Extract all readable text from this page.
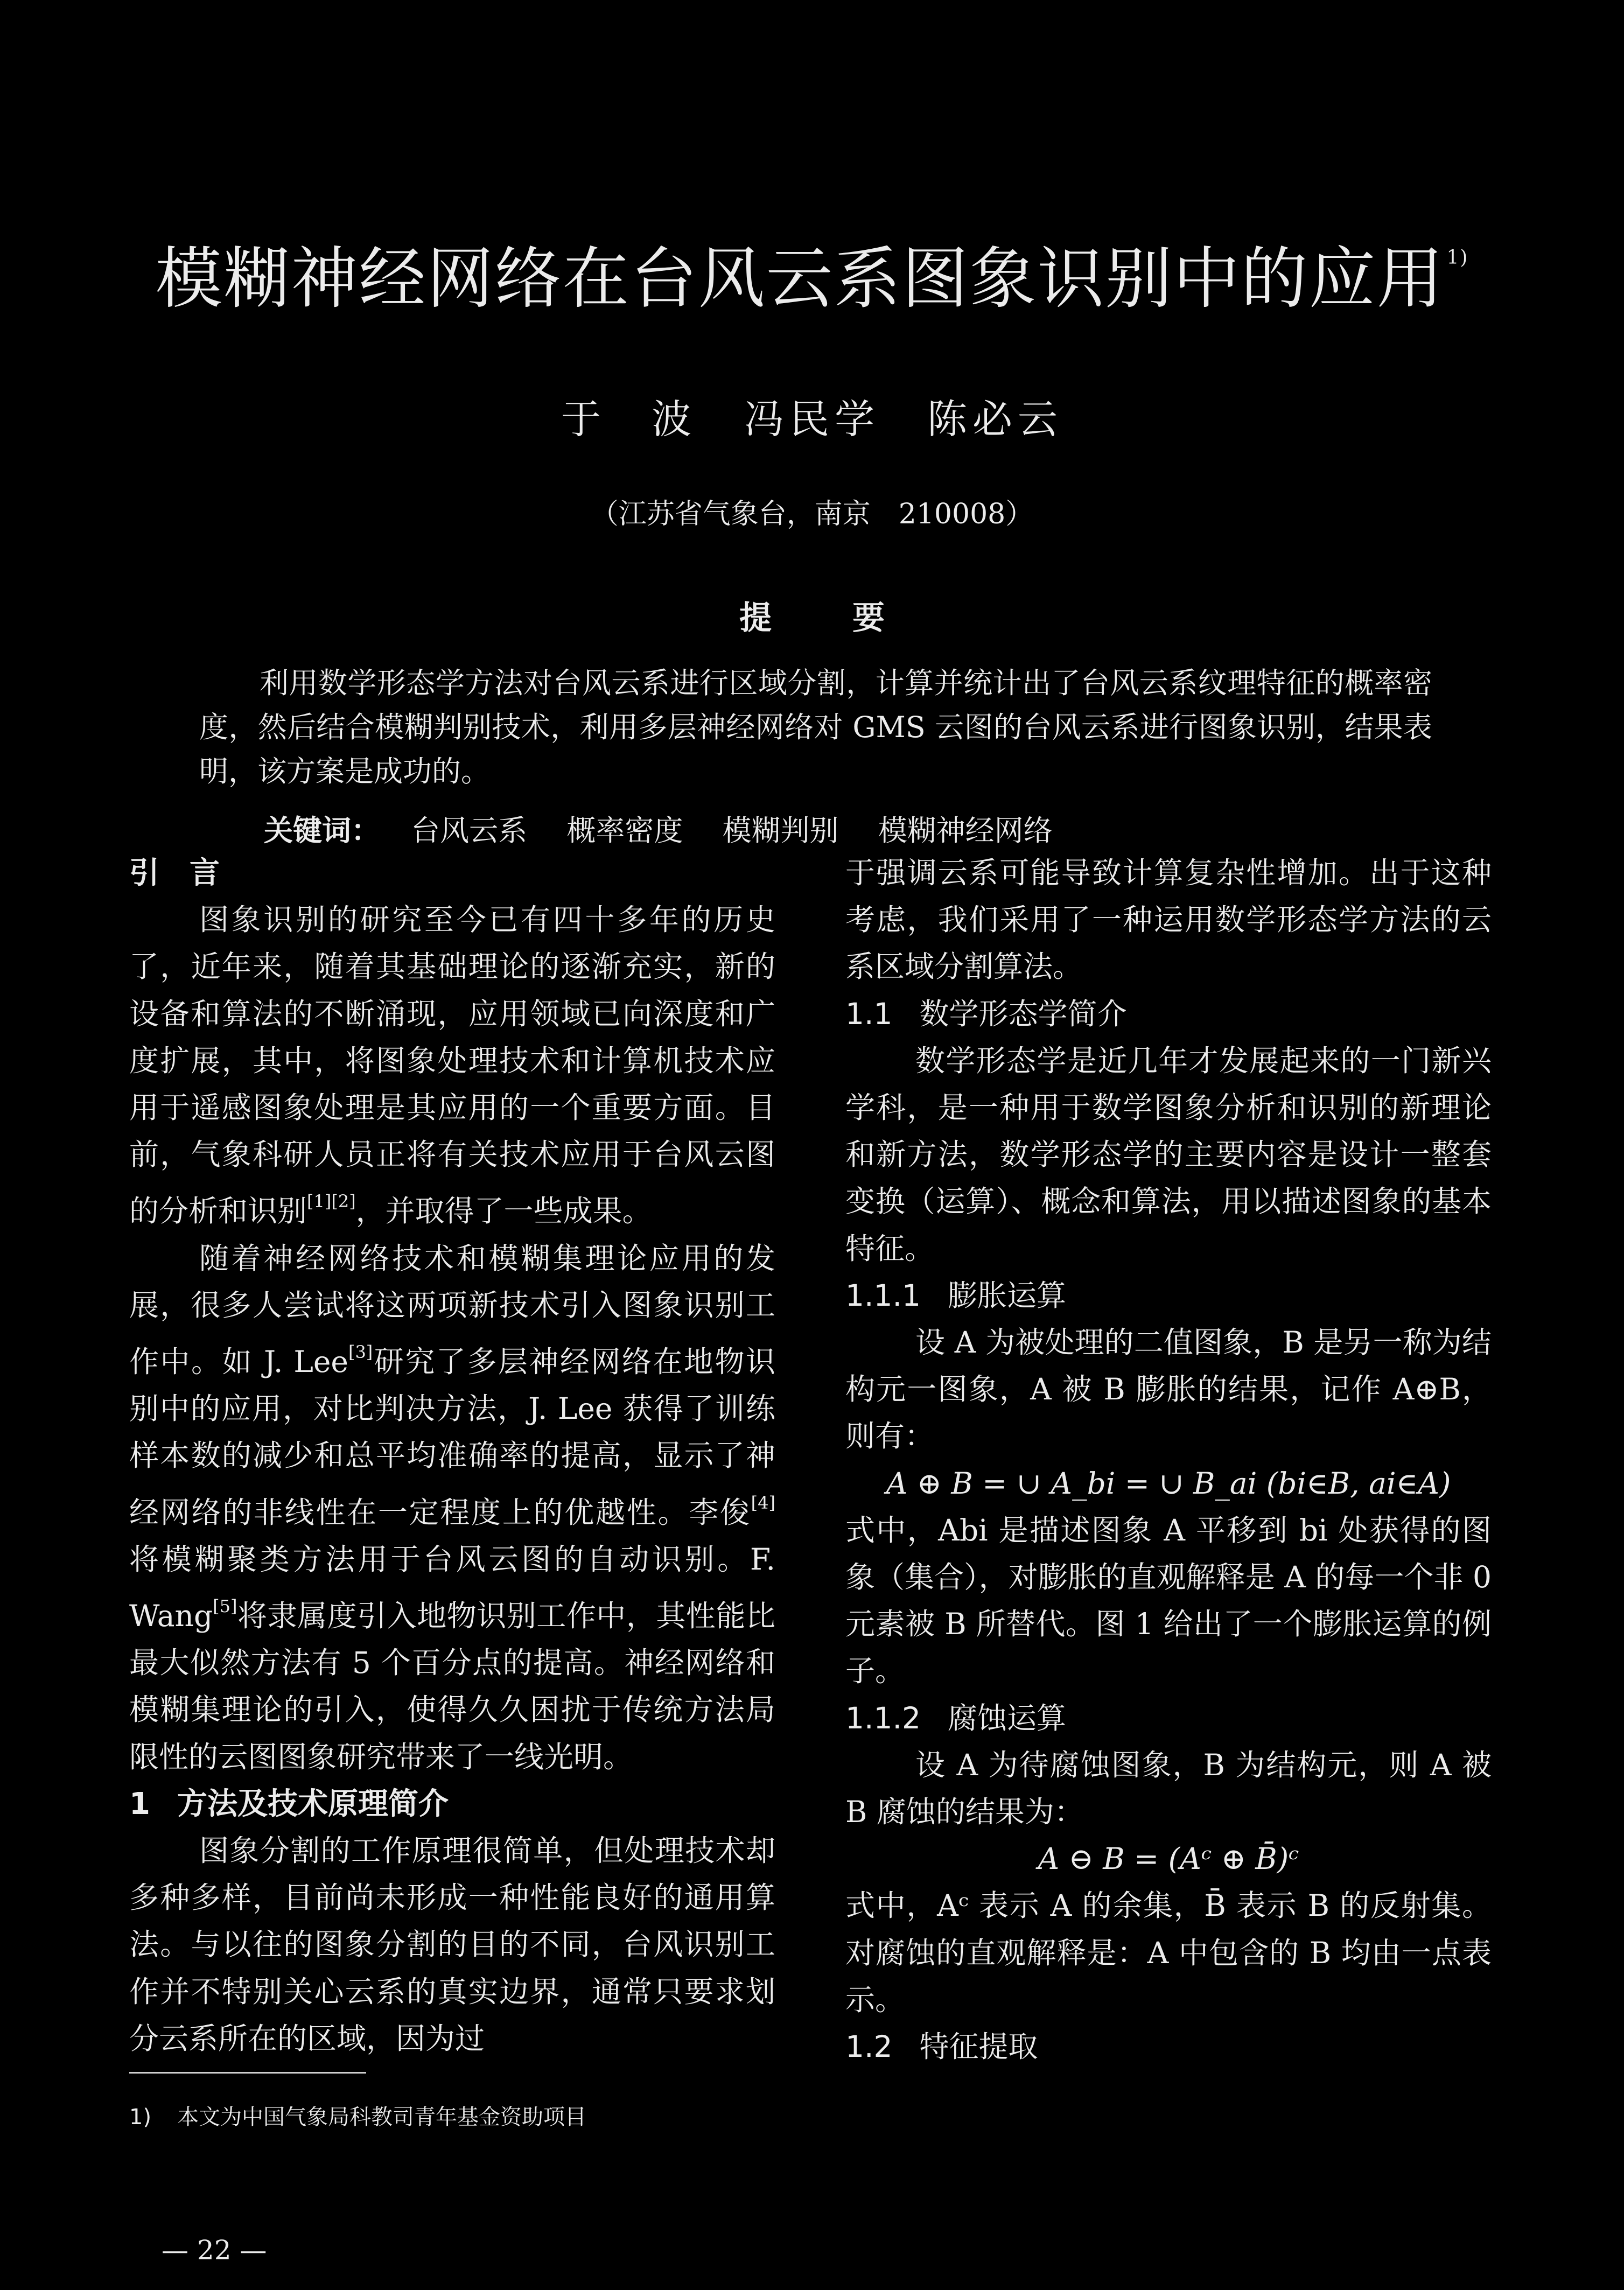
模糊神经网络在台风云系图象识别中的应用 $^{1)}$
于　波 冯民学 陈必云
（江苏省气象台，南京　210008）
提要
利用数学形态学方法对台风云系进行区域分割，计算并统计出了台风云系纹理特征的概率密度，然后结合模糊判别技术，利用多层神经网络对 GMS 云图的台风云系进行图象识别，结果表明，该方案是成功的。
关键词： 台风云系 概率密度 模糊判别 模糊神经网络
引　言

图象识别的研究至今已有四十多年的历史了，近年来，随着其基础理论的逐渐充实，新的设备和算法的不断涌现，应用领域已向深度和广度扩展，其中，将图象处理技术和计算机技术应用于遥感图象处理是其应用的一个重要方面。目前，气象科研人员正将有关技术应用于台风云图的分析和识别[1][2]，并取得了一些成果。

随着神经网络技术和模糊集理论应用的发展，很多人尝试将这两项新技术引入图象识别工作中。如 J. Lee[3]研究了多层神经网络在地物识别中的应用，对比判决方法，J. Lee 获得了训练样本数的减少和总平均准确率的提高，显示了神经网络的非线性在一定程度上的优越性。李俊[4]将模糊聚类方法用于台风云图的自动识别。F. Wang[5]将隶属度引入地物识别工作中，其性能比最大似然方法有 5 个百分点的提高。神经网络和模糊集理论的引入，使得久久困扰于传统方法局限性的云图图象研究带来了一线光明。

1 方法及技术原理简介

图象分割的工作原理很简单，但处理技术却多种多样，目前尚未形成一种性能良好的通用算法。与以往的图象分割的目的不同，台风识别工作并不特别关心云系的真实边界，通常只要求划分云系所在的区域，因为过

于强调云系可能导致计算复杂性增加。出于这种考虑，我们采用了一种运用数学形态学方法的云系区域分割算法。

1.1 数学形态学简介

数学形态学是近几年才发展起来的一门新兴学科，是一种用于数学图象分析和识别的新理论和新方法，数学形态学的主要内容是设计一整套变换（运算）、概念和算法，用以描述图象的基本特征。

1.1.1 膨胀运算

设 A 为被处理的二值图象，B 是另一称为结构元一图象，A 被 B 膨胀的结果，记作 A⊕B，则有：

A ⊕ B = ∪ A_bi = ∪ B_ai (bi∈B, ai∈A)

式中，Abi 是描述图象 A 平移到 bi 处获得的图象（集合），对膨胀的直观解释是 A 的每一个非 0 元素被 B 所替代。图 1 给出了一个膨胀运算的例子。

1.1.2 腐蚀运算

设 A 为待腐蚀图象，B 为结构元，则 A 被 B 腐蚀的结果为：

A ⊖ B = (Aᶜ ⊕ B̄)ᶜ

式中，Aᶜ 表示 A 的余集，B̄ 表示 B 的反射集。对腐蚀的直观解释是：A 中包含的 B 均由一点表示。

1.2 特征提取
1) 本文为中国气象局科教司青年基金资助项目
— 22 —
